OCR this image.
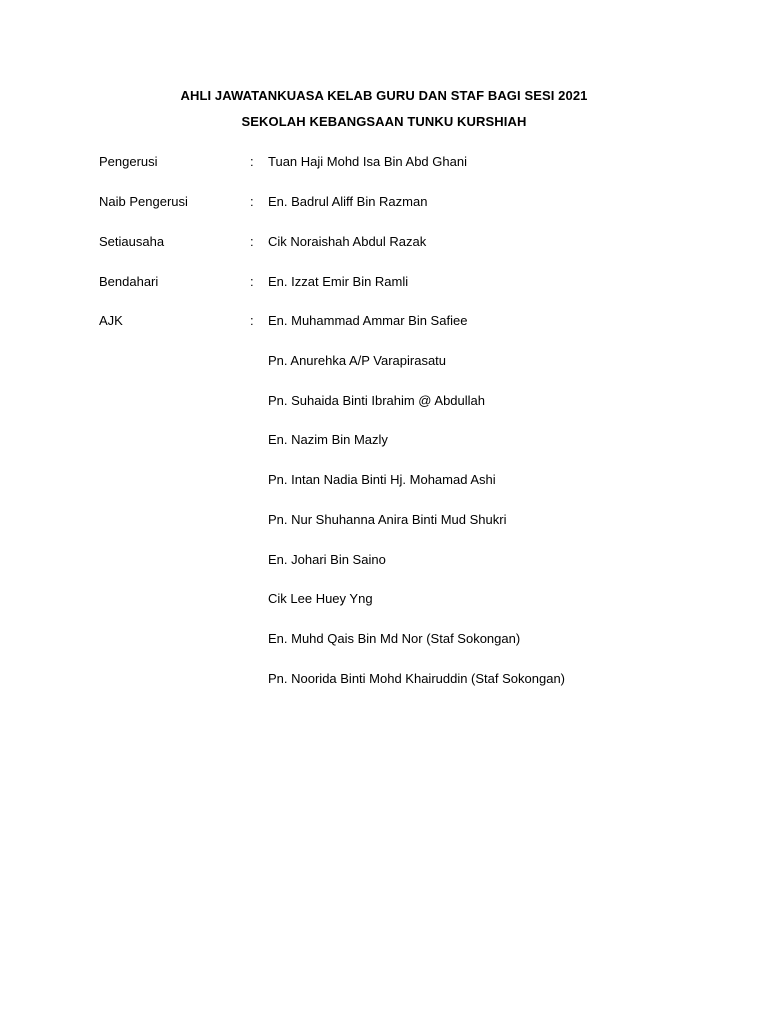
AHLI JAWATANKUASA KELAB GURU DAN STAF BAGI SESI 2021
SEKOLAH KEBANGSAAN TUNKU KURSHIAH
Pengerusi	: Tuan Haji Mohd Isa Bin Abd Ghani
Naib Pengerusi	: En. Badrul Aliff Bin Razman
Setiausaha	: Cik Noraishah Abdul Razak
Bendahari	: En. Izzat Emir Bin Ramli
AJK	: En. Muhammad Ammar Bin Safiee
Pn. Anurehka A/P Varapirasatu
Pn. Suhaida Binti Ibrahim @ Abdullah
En. Nazim Bin Mazly
Pn. Intan Nadia Binti Hj. Mohamad Ashi
Pn. Nur Shuhanna Anira Binti Mud Shukri
En. Johari Bin Saino
Cik Lee Huey Yng
En. Muhd Qais Bin Md Nor (Staf Sokongan)
Pn. Noorida Binti Mohd Khairuddin (Staf Sokongan)
